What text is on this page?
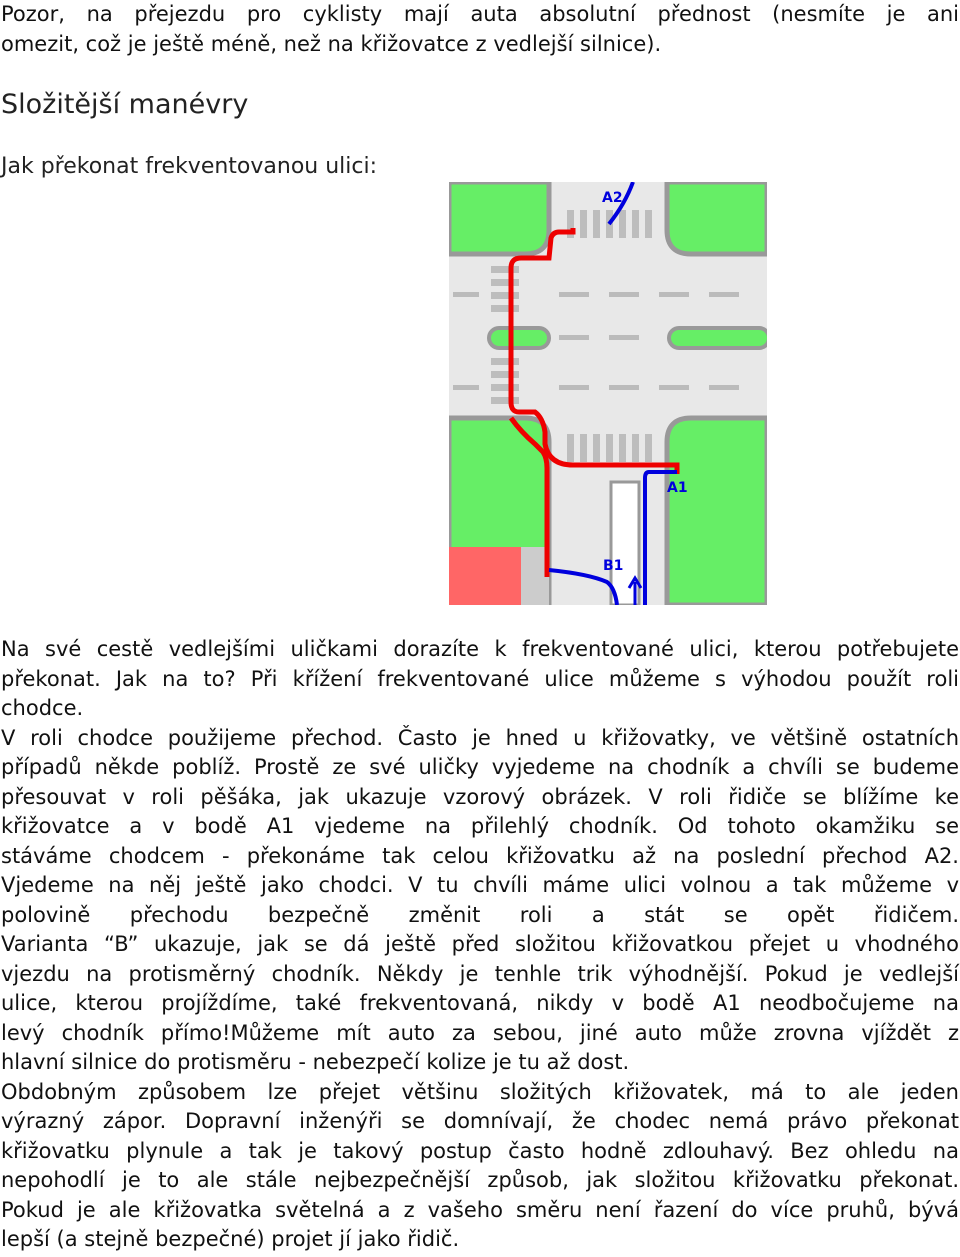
Pozor, na přejezdu pro cyklisty mají auta absolutní přednost (nesmíte je ani
omezit, což je ještě méně, než na křižovatce z vedlejší silnice).
Složitější manévry
Jak překonat frekventovanou ulici:
A2
A1
B1
Na své cestě vedlejšími uličkami dorazíte k frekventované ulici, kterou potřebujete
překonat. Jak na to? Při křížení frekventované ulice můžeme s výhodou použít roli
chodce.
V roli chodce použijeme přechod. Často je hned u křižovatky, ve většině ostatních
případů někde poblíž. Prostě ze své uličky vyjedeme na chodník a chvíli se budeme
přesouvat v roli pěšáka, jak ukazuje vzorový obrázek. V roli řidiče se blížíme ke
křižovatce a v bodě A1 vjedeme na přilehlý chodník. Od tohoto okamžiku se
stáváme chodcem - překonáme tak celou křižovatku až na poslední přechod A2.
Vjedeme na něj ještě jako chodci. V tu chvíli máme ulici volnou a tak můžeme v
polovině přechodu bezpečně změnit roli a stát se opět řidičem.
Varianta “B” ukazuje, jak se dá ještě před složitou křižovatkou přejet u vhodného
vjezdu na protisměrný chodník. Někdy je tenhle trik výhodnější. Pokud je vedlejší
ulice, kterou projíždíme, také frekventovaná, nikdy v bodě A1 neodbočujeme na
levý chodník přímo!Můžeme mít auto za sebou, jiné auto může zrovna vjíždět z
hlavní silnice do protisměru - nebezpečí kolize je tu až dost.
Obdobným způsobem lze přejet většinu složitých křižovatek, má to ale jeden
výrazný zápor. Dopravní inženýři se domnívají, že chodec nemá právo překonat
křižovatku plynule a tak je takový postup často hodně zdlouhavý. Bez ohledu na
nepohodlí je to ale stále nejbezpečnější způsob, jak složitou křižovatku překonat.
Pokud je ale křižovatka světelná a z vašeho směru není řazení do více pruhů, bývá
lepší (a stejně bezpečné) projet jí jako řidič.
